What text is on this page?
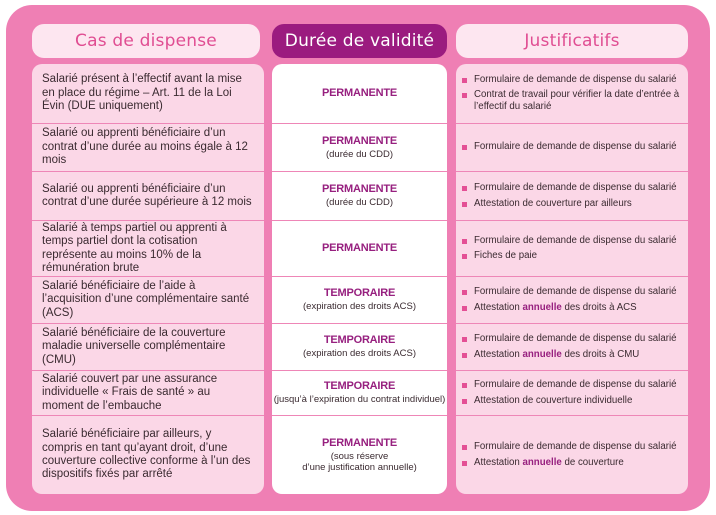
Cas de dispense	Durée de validité	Justificatifs
Salarié présent à l’effectif avant la mise en place du régime – Art. 11 de la Loi Évin (DUE uniquement)
Salarié ou apprenti bénéficiaire d’un contrat d’une durée au moins égale à 12 mois
Salarié ou apprenti bénéficiaire d’un contrat d’une durée supérieure à 12 mois
Salarié à temps partiel ou apprenti à temps partiel dont la cotisation représente au moins 10% de la rémunération brute
Salarié bénéficiaire de l’aide à l’acquisition d’une complémentaire santé (ACS)
Salarié bénéficiaire de la couverture maladie universelle complémentaire (CMU)
Salarié couvert par une assurance individuelle « Frais de santé » au moment de l’embauche
Salarié bénéficiaire par ailleurs, y compris en tant qu’ayant droit, d’une couverture collective conforme à l’un des dispositifs fixés par arrêté
PERMANENTE
PERMANENTE
(durée du CDD)
PERMANENTE
(durée du CDD)
PERMANENTE
TEMPORAIRE
(expiration des droits ACS)
TEMPORAIRE
(expiration des droits ACS)
TEMPORAIRE
(jusqu’à l’expiration du contrat individuel)
PERMANENTE
(sous réserve
d’une justification annuelle)
Formulaire de demande de dispense du salarié
Contrat de travail pour vérifier la date d’entrée à l’effectif du salarié
Formulaire de demande de dispense du salarié
Formulaire de demande de dispense du salarié
Attestation de couverture par ailleurs
Formulaire de demande de dispense du salarié
Fiches de paie
Formulaire de demande de dispense du salarié
Attestation annuelle des droits à ACS
Formulaire de demande de dispense du salarié
Attestation annuelle des droits à CMU
Formulaire de demande de dispense du salarié
Attestation de couverture individuelle
Formulaire de demande de dispense du salarié
Attestation annuelle de couverture
